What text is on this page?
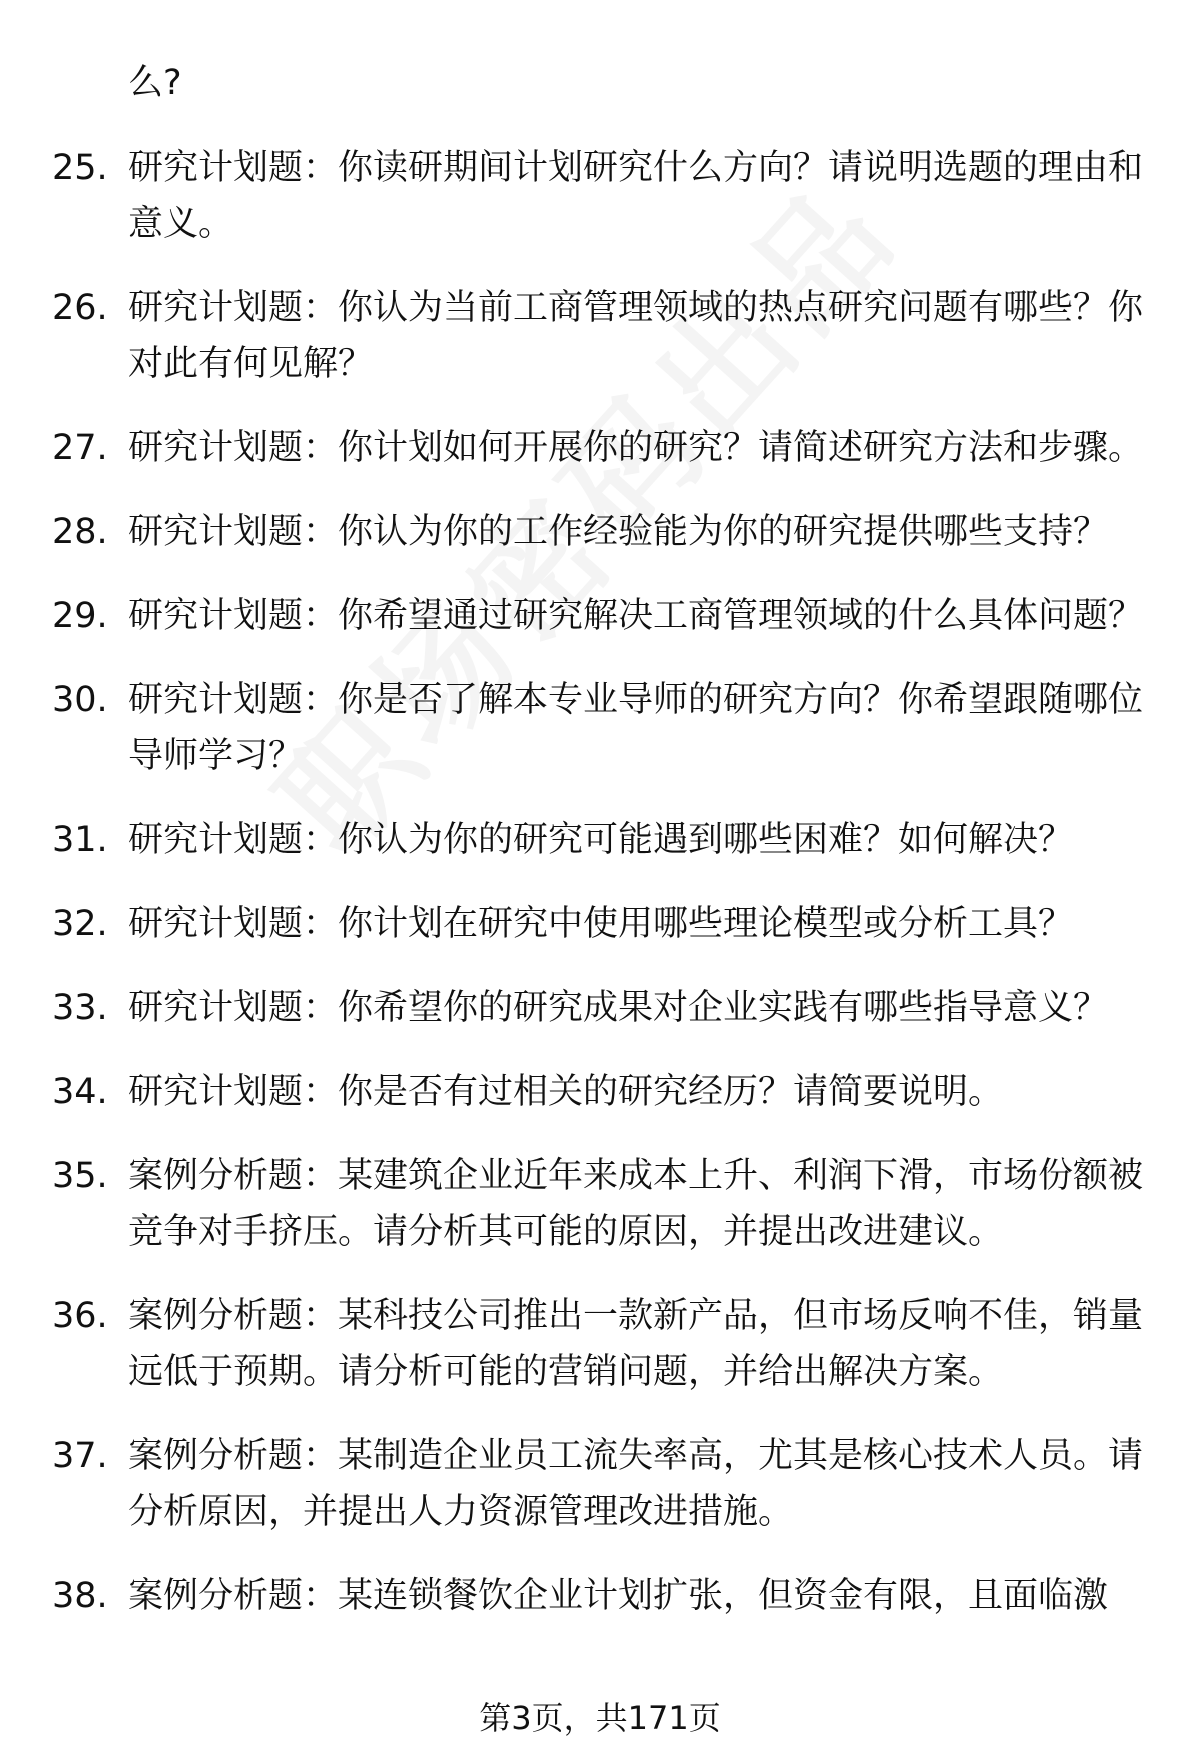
么?
25. 研究计划题：你读研期间计划研究什么方向？请说明选题的理由和意义。
26. 研究计划题：你认为当前工商管理领域的热点研究问题有哪些？你对此有何见解？
27. 研究计划题：你计划如何开展你的研究？请简述研究方法和步骤。
28. 研究计划题：你认为你的工作经验能为你的研究提供哪些支持？
29. 研究计划题：你希望通过研究解决工商管理领域的什么具体问题？
30. 研究计划题：你是否了解本专业导师的研究方向？你希望跟随哪位导师学习？
31. 研究计划题：你认为你的研究可能遇到哪些困难？如何解决？
32. 研究计划题：你计划在研究中使用哪些理论模型或分析工具？
33. 研究计划题：你希望你的研究成果对企业实践有哪些指导意义？
34. 研究计划题：你是否有过相关的研究经历？请简要说明。
35. 案例分析题：某建筑企业近年来成本上升、利润下滑，市场份额被竞争对手挤压。请分析其可能的原因，并提出改进建议。
36. 案例分析题：某科技公司推出一款新产品，但市场反响不佳，销量远低于预期。请分析可能的营销问题，并给出解决方案。
37. 案例分析题：某制造企业员工流失率高，尤其是核心技术人员。请分析原因，并提出人力资源管理改进措施。
38. 案例分析题：某连锁餐饮企业计划扩张，但资金有限，且面临激
第3页，共171页
